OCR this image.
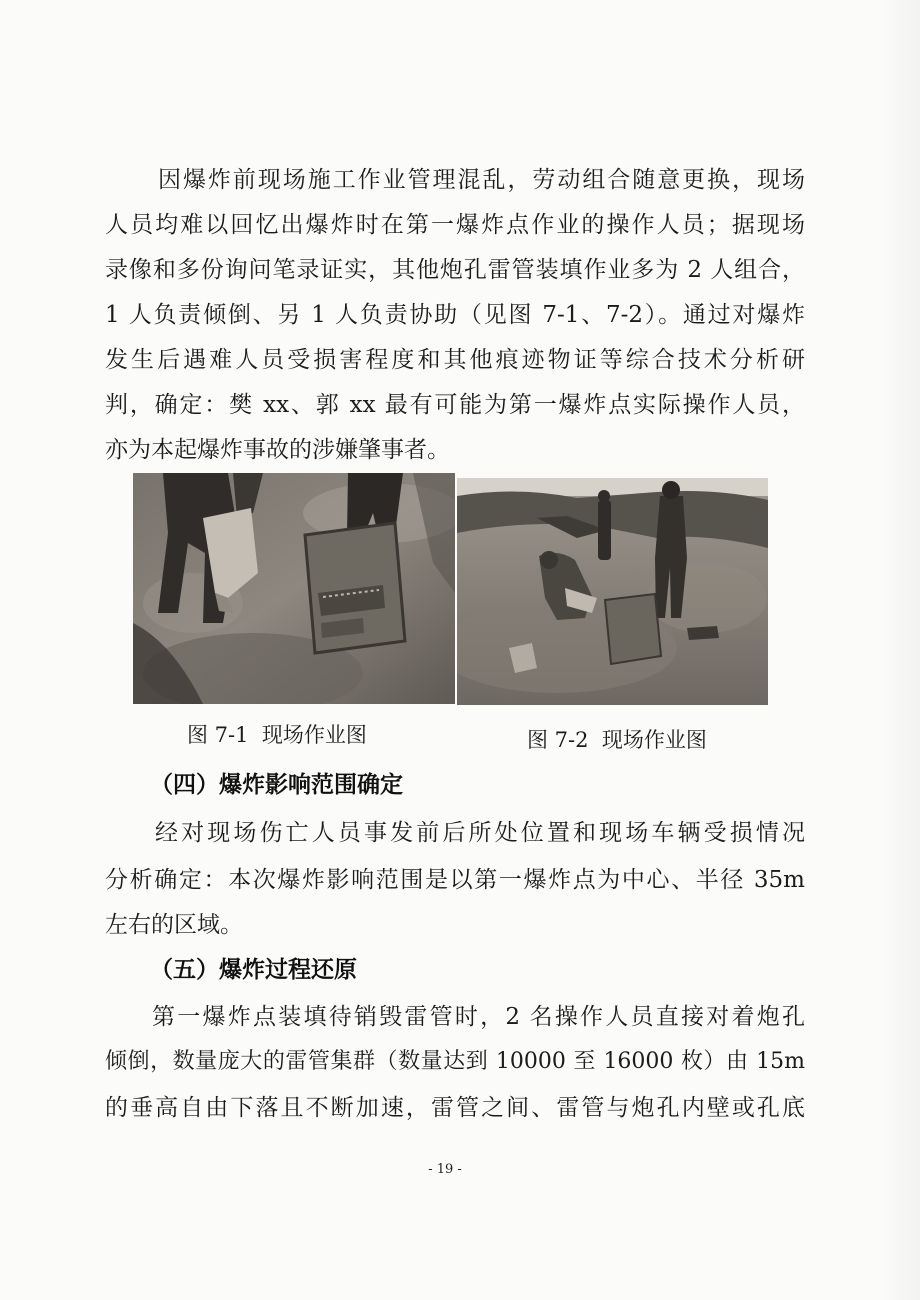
因爆炸前现场施工作业管理混乱，劳动组合随意更换，现场
人员均难以回忆出爆炸时在第一爆炸点作业的操作人员；据现场
录像和多份询问笔录证实，其他炮孔雷管装填作业多为 2 人组合，
1 人负责倾倒、另 1 人负责协助（见图 7-1、7-2）。通过对爆炸
发生后遇难人员受损害程度和其他痕迹物证等综合技术分析研
判，确定：樊 xx、郭 xx 最有可能为第一爆炸点实际操作人员，
亦为本起爆炸事故的涉嫌肇事者。
图 7-1  现场作业图	图 7-2  现场作业图
（四）爆炸影响范围确定
经对现场伤亡人员事发前后所处位置和现场车辆受损情况
分析确定：本次爆炸影响范围是以第一爆炸点为中心、半径 35m
左右的区域。
（五）爆炸过程还原
第一爆炸点装填待销毁雷管时，2 名操作人员直接对着炮孔
倾倒，数量庞大的雷管集群（数量达到 10000 至 16000 枚）由 15m
的垂高自由下落且不断加速，雷管之间、雷管与炮孔内壁或孔底
- 19 -
